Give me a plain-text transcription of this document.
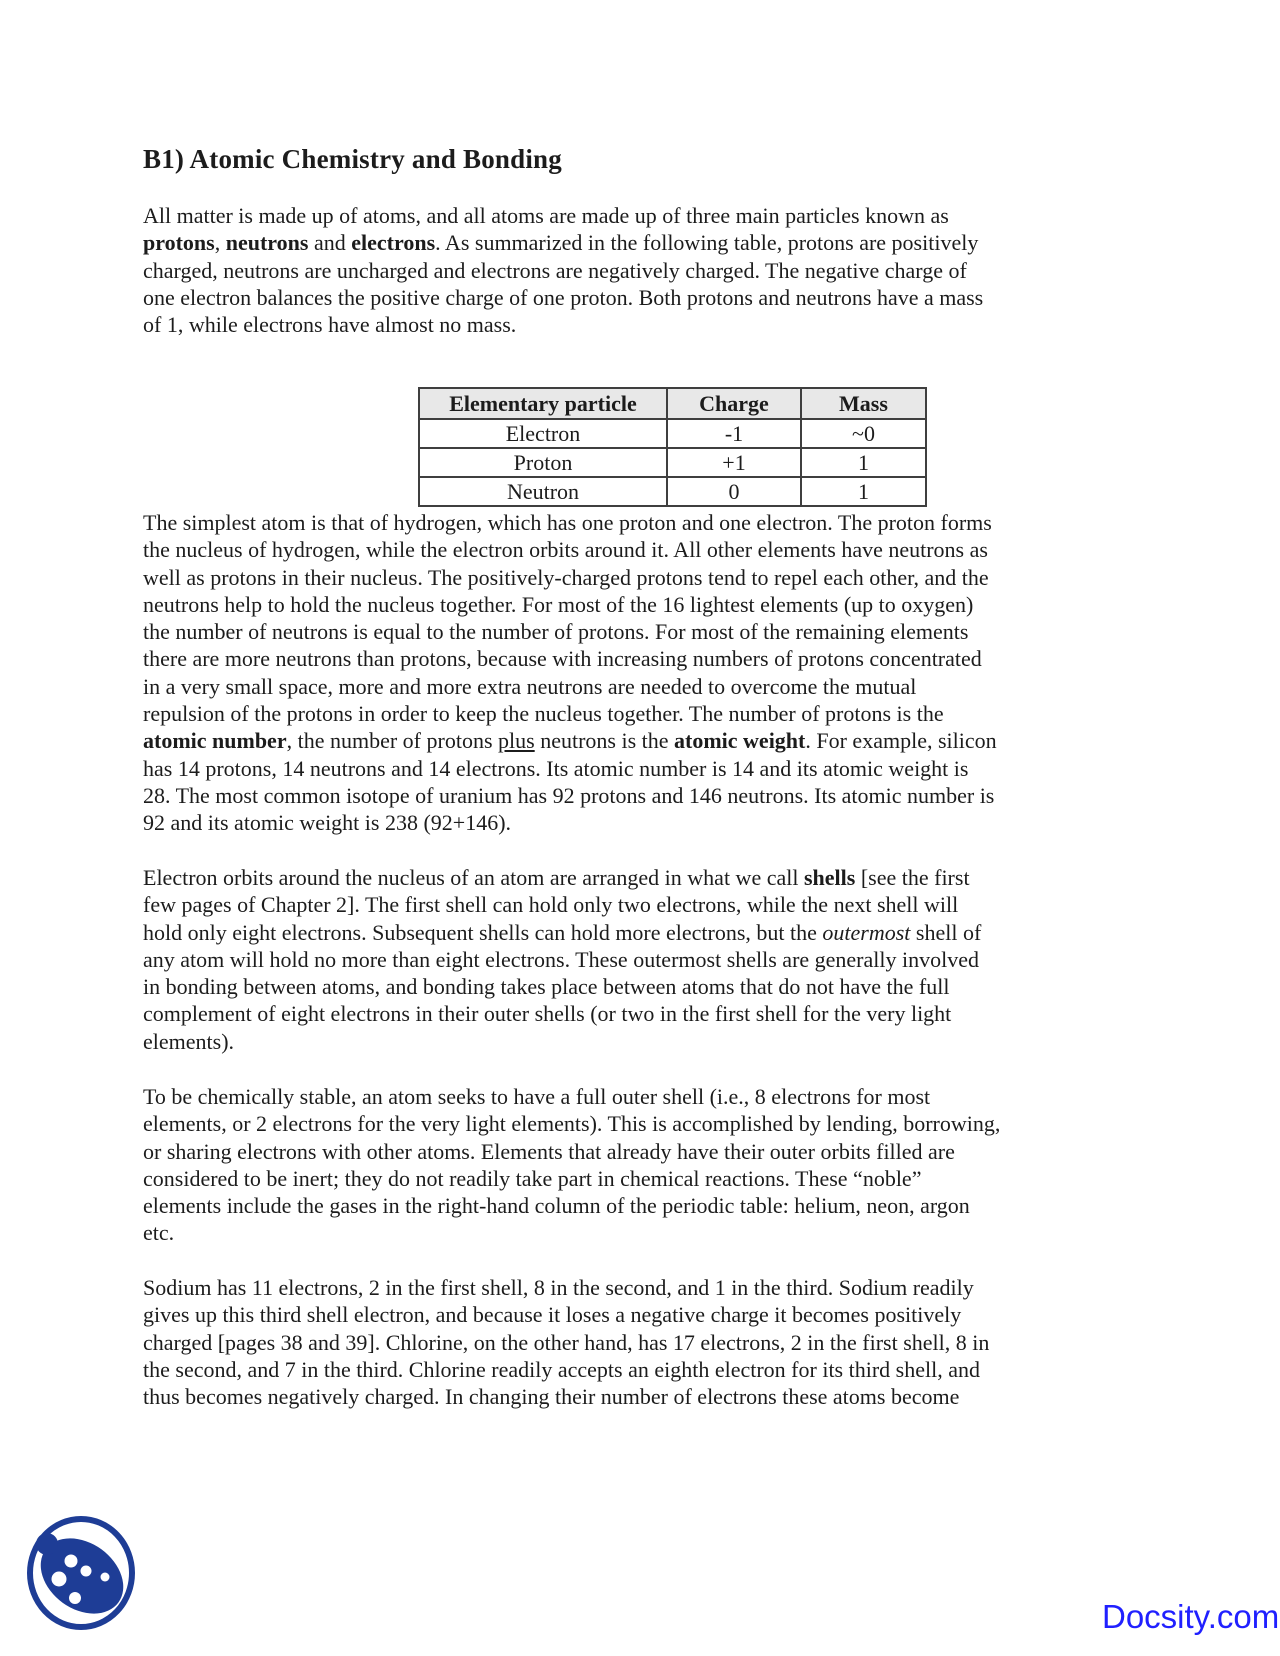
B1) Atomic Chemistry and Bonding
All matter is made up of atoms, and all atoms are made up of three main particles known as
protons, neutrons and electrons. As summarized in the following table, protons are positively
charged, neutrons are uncharged and electrons are negatively charged. The negative charge of
one electron balances the positive charge of one proton. Both protons and neutrons have a mass
of 1, while electrons have almost no mass.
Elementary particle	Charge	Mass
Electron	-1	~0
Proton	+1	1
Neutron	0	1
The simplest atom is that of hydrogen, which has one proton and one electron. The proton forms
the nucleus of hydrogen, while the electron orbits around it. All other elements have neutrons as
well as protons in their nucleus. The positively-charged protons tend to repel each other, and the
neutrons help to hold the nucleus together. For most of the 16 lightest elements (up to oxygen)
the number of neutrons is equal to the number of protons. For most of the remaining elements
there are more neutrons than protons, because with increasing numbers of protons concentrated
in a very small space, more and more extra neutrons are needed to overcome the mutual
repulsion of the protons in order to keep the nucleus together. The number of protons is the
atomic number, the number of protons plus neutrons is the atomic weight. For example, silicon
has 14 protons, 14 neutrons and 14 electrons. Its atomic number is 14 and its atomic weight is
28. The most common isotope of uranium has 92 protons and 146 neutrons. Its atomic number is
92 and its atomic weight is 238 (92+146).
Electron orbits around the nucleus of an atom are arranged in what we call shells [see the first
few pages of Chapter 2]. The first shell can hold only two electrons, while the next shell will
hold only eight electrons. Subsequent shells can hold more electrons, but the outermost shell of
any atom will hold no more than eight electrons. These outermost shells are generally involved
in bonding between atoms, and bonding takes place between atoms that do not have the full
complement of eight electrons in their outer shells (or two in the first shell for the very light
elements).
To be chemically stable, an atom seeks to have a full outer shell (i.e., 8 electrons for most
elements, or 2 electrons for the very light elements). This is accomplished by lending, borrowing,
or sharing electrons with other atoms. Elements that already have their outer orbits filled are
considered to be inert; they do not readily take part in chemical reactions. These “noble”
elements include the gases in the right-hand column of the periodic table: helium, neon, argon
etc.
Sodium has 11 electrons, 2 in the first shell, 8 in the second, and 1 in the third. Sodium readily
gives up this third shell electron, and because it loses a negative charge it becomes positively
charged [pages 38 and 39]. Chlorine, on the other hand, has 17 electrons, 2 in the first shell, 8 in
the second, and 7 in the third. Chlorine readily accepts an eighth electron for its third shell, and
thus becomes negatively charged. In changing their number of electrons these atoms become
Docsity.com
